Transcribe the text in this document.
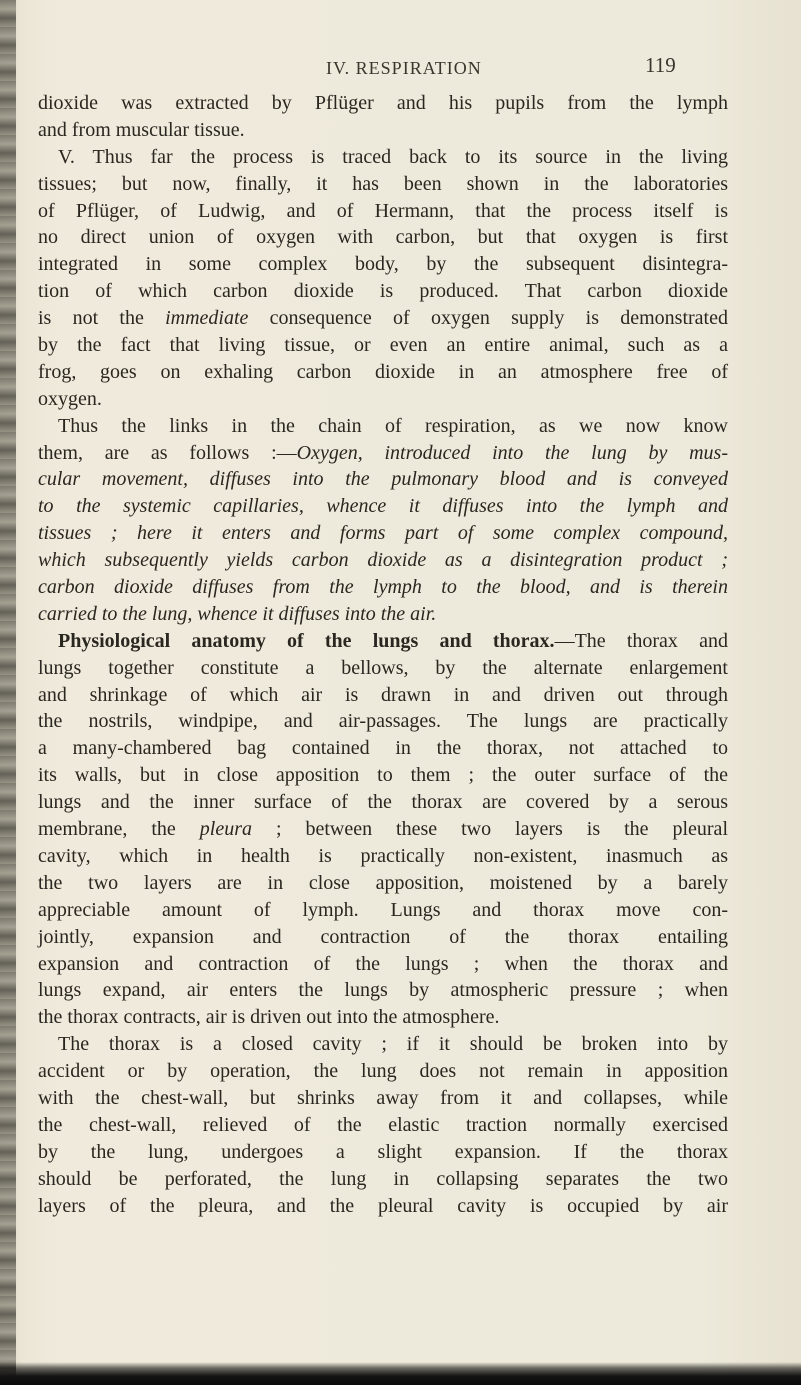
IV. RESPIRATION	119
dioxide was extracted by Pflüger and his pupils from the lymph
and from muscular tissue.
V. Thus far the process is traced back to its source in the living
tissues; but now, finally, it has been shown in the laboratories
of Pflüger, of Ludwig, and of Hermann, that the process itself is
no direct union of oxygen with carbon, but that oxygen is first
integrated in some complex body, by the subsequent disintegra-
tion of which carbon dioxide is produced. That carbon dioxide
is not the immediate consequence of oxygen supply is demonstrated
by the fact that living tissue, or even an entire animal, such as a
frog, goes on exhaling carbon dioxide in an atmosphere free of
oxygen.
Thus the links in the chain of respiration, as we now know
them, are as follows :—Oxygen, introduced into the lung by mus-
cular movement, diffuses into the pulmonary blood and is conveyed
to the systemic capillaries, whence it diffuses into the lymph and
tissues ; here it enters and forms part of some complex compound,
which subsequently yields carbon dioxide as a disintegration product ;
carbon dioxide diffuses from the lymph to the blood, and is therein
carried to the lung, whence it diffuses into the air.
Physiological anatomy of the lungs and thorax.—The thorax and
lungs together constitute a bellows, by the alternate enlargement
and shrinkage of which air is drawn in and driven out through
the nostrils, windpipe, and air-passages. The lungs are practically
a many-chambered bag contained in the thorax, not attached to
its walls, but in close apposition to them ; the outer surface of the
lungs and the inner surface of the thorax are covered by a serous
membrane, the pleura ; between these two layers is the pleural
cavity, which in health is practically non-existent, inasmuch as
the two layers are in close apposition, moistened by a barely
appreciable amount of lymph. Lungs and thorax move con-
jointly, expansion and contraction of the thorax entailing
expansion and contraction of the lungs ; when the thorax and
lungs expand, air enters the lungs by atmospheric pressure ; when
the thorax contracts, air is driven out into the atmosphere.
The thorax is a closed cavity ; if it should be broken into by
accident or by operation, the lung does not remain in apposition
with the chest-wall, but shrinks away from it and collapses, while
the chest-wall, relieved of the elastic traction normally exercised
by the lung, undergoes a slight expansion. If the thorax
should be perforated, the lung in collapsing separates the two
layers of the pleura, and the pleural cavity is occupied by air
